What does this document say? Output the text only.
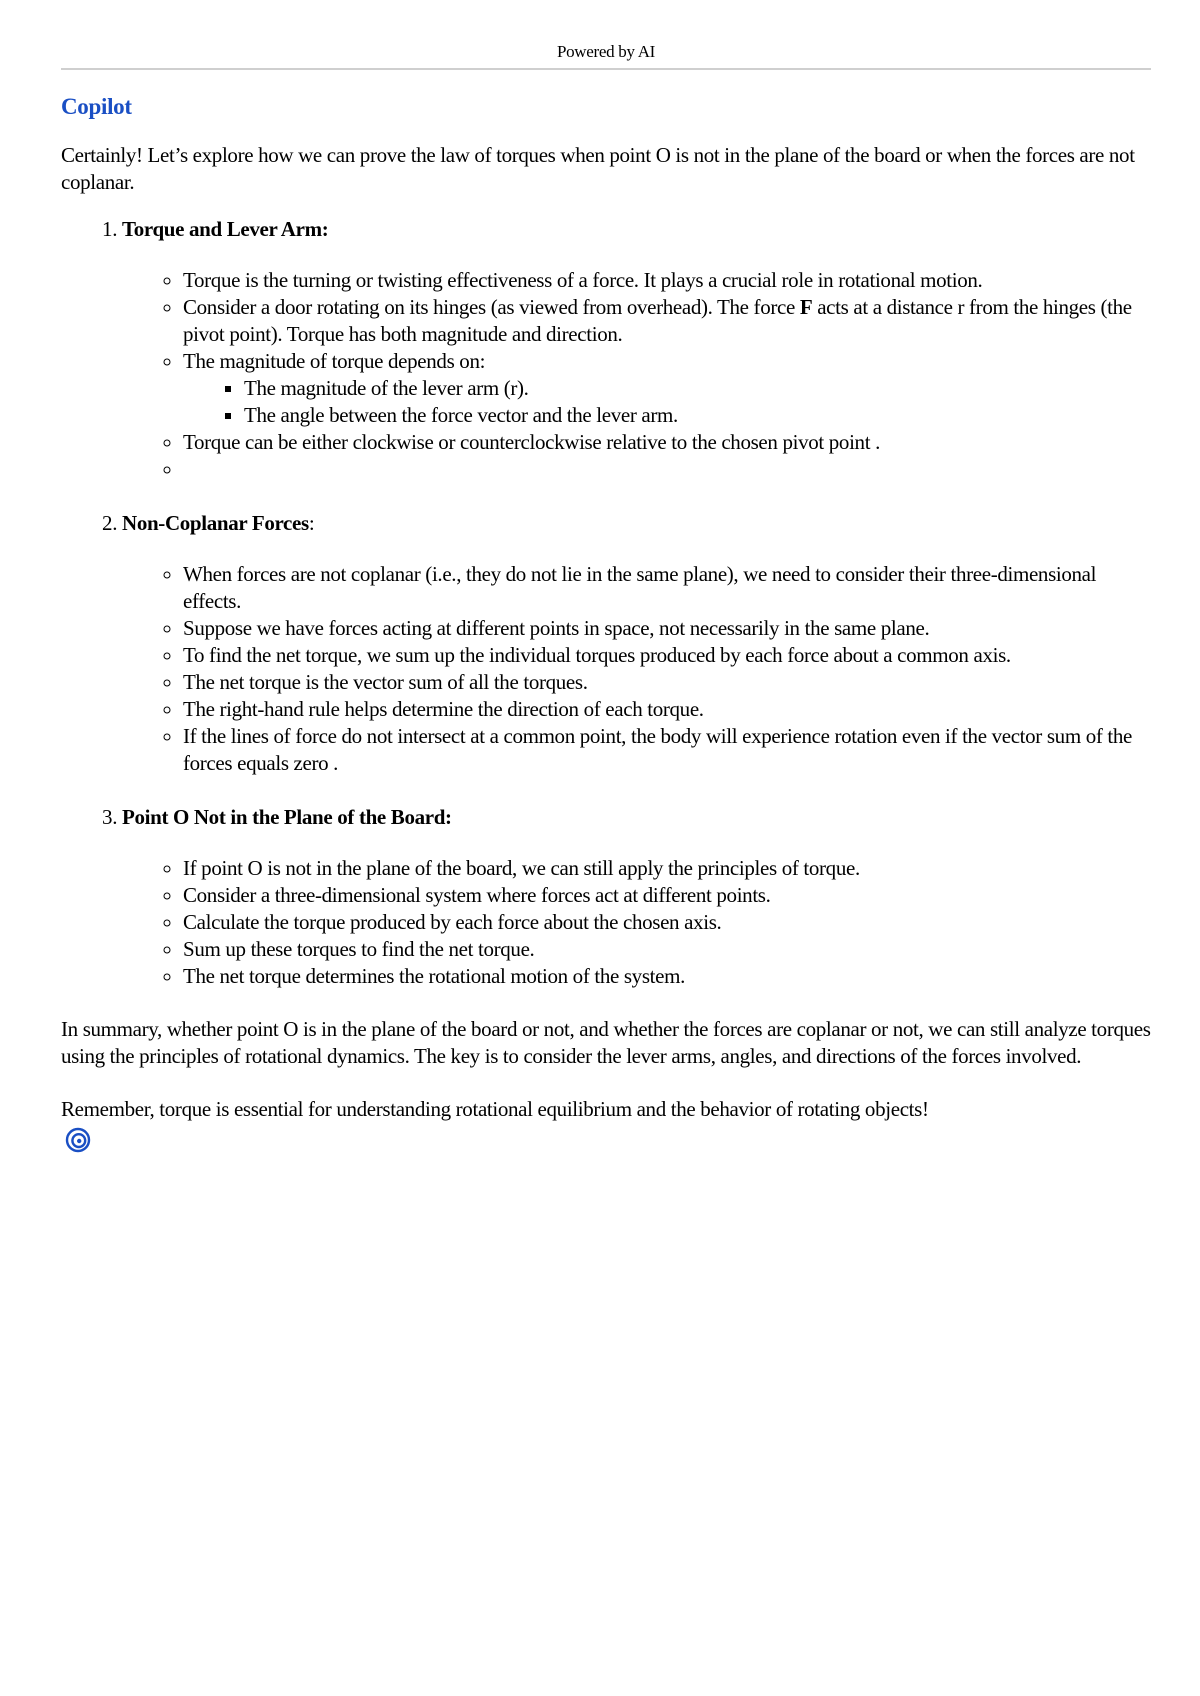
Powered by AI
Copilot

Certainly! Let’s explore how we can prove the law of torques when point O is not in the plane of the board or when the forces are not coplanar.

1. Torque and Lever Arm:
◦ Torque is the turning or twisting effectiveness of a force. It plays a crucial role in rotational motion.
◦ Consider a door rotating on its hinges (as viewed from overhead). The force F acts at a distance r from the hinges (the pivot point). Torque has both magnitude and direction.
◦ The magnitude of torque depends on:
▪ The magnitude of the lever arm (r).
▪ The angle between the force vector and the lever arm.
◦ Torque can be either clockwise or counterclockwise relative to the chosen pivot point .
◦
2. Non-Coplanar Forces:
◦ When forces are not coplanar (i.e., they do not lie in the same plane), we need to consider their three-dimensional effects.
◦ Suppose we have forces acting at different points in space, not necessarily in the same plane.
◦ To find the net torque, we sum up the individual torques produced by each force about a common axis.
◦ The net torque is the vector sum of all the torques.
◦ The right-hand rule helps determine the direction of each torque.
◦ If the lines of force do not intersect at a common point, the body will experience rotation even if the vector sum of the forces equals zero .
3. Point O Not in the Plane of the Board:
◦ If point O is not in the plane of the board, we can still apply the principles of torque.
◦ Consider a three-dimensional system where forces act at different points.
◦ Calculate the torque produced by each force about the chosen axis.
◦ Sum up these torques to find the net torque.
◦ The net torque determines the rotational motion of the system.

In summary, whether point O is in the plane of the board or not, and whether the forces are coplanar or not, we can still analyze torques using the principles of rotational dynamics. The key is to consider the lever arms, angles, and directions of the forces involved.

Remember, torque is essential for understanding rotational equilibrium and the behavior of rotating objects!
